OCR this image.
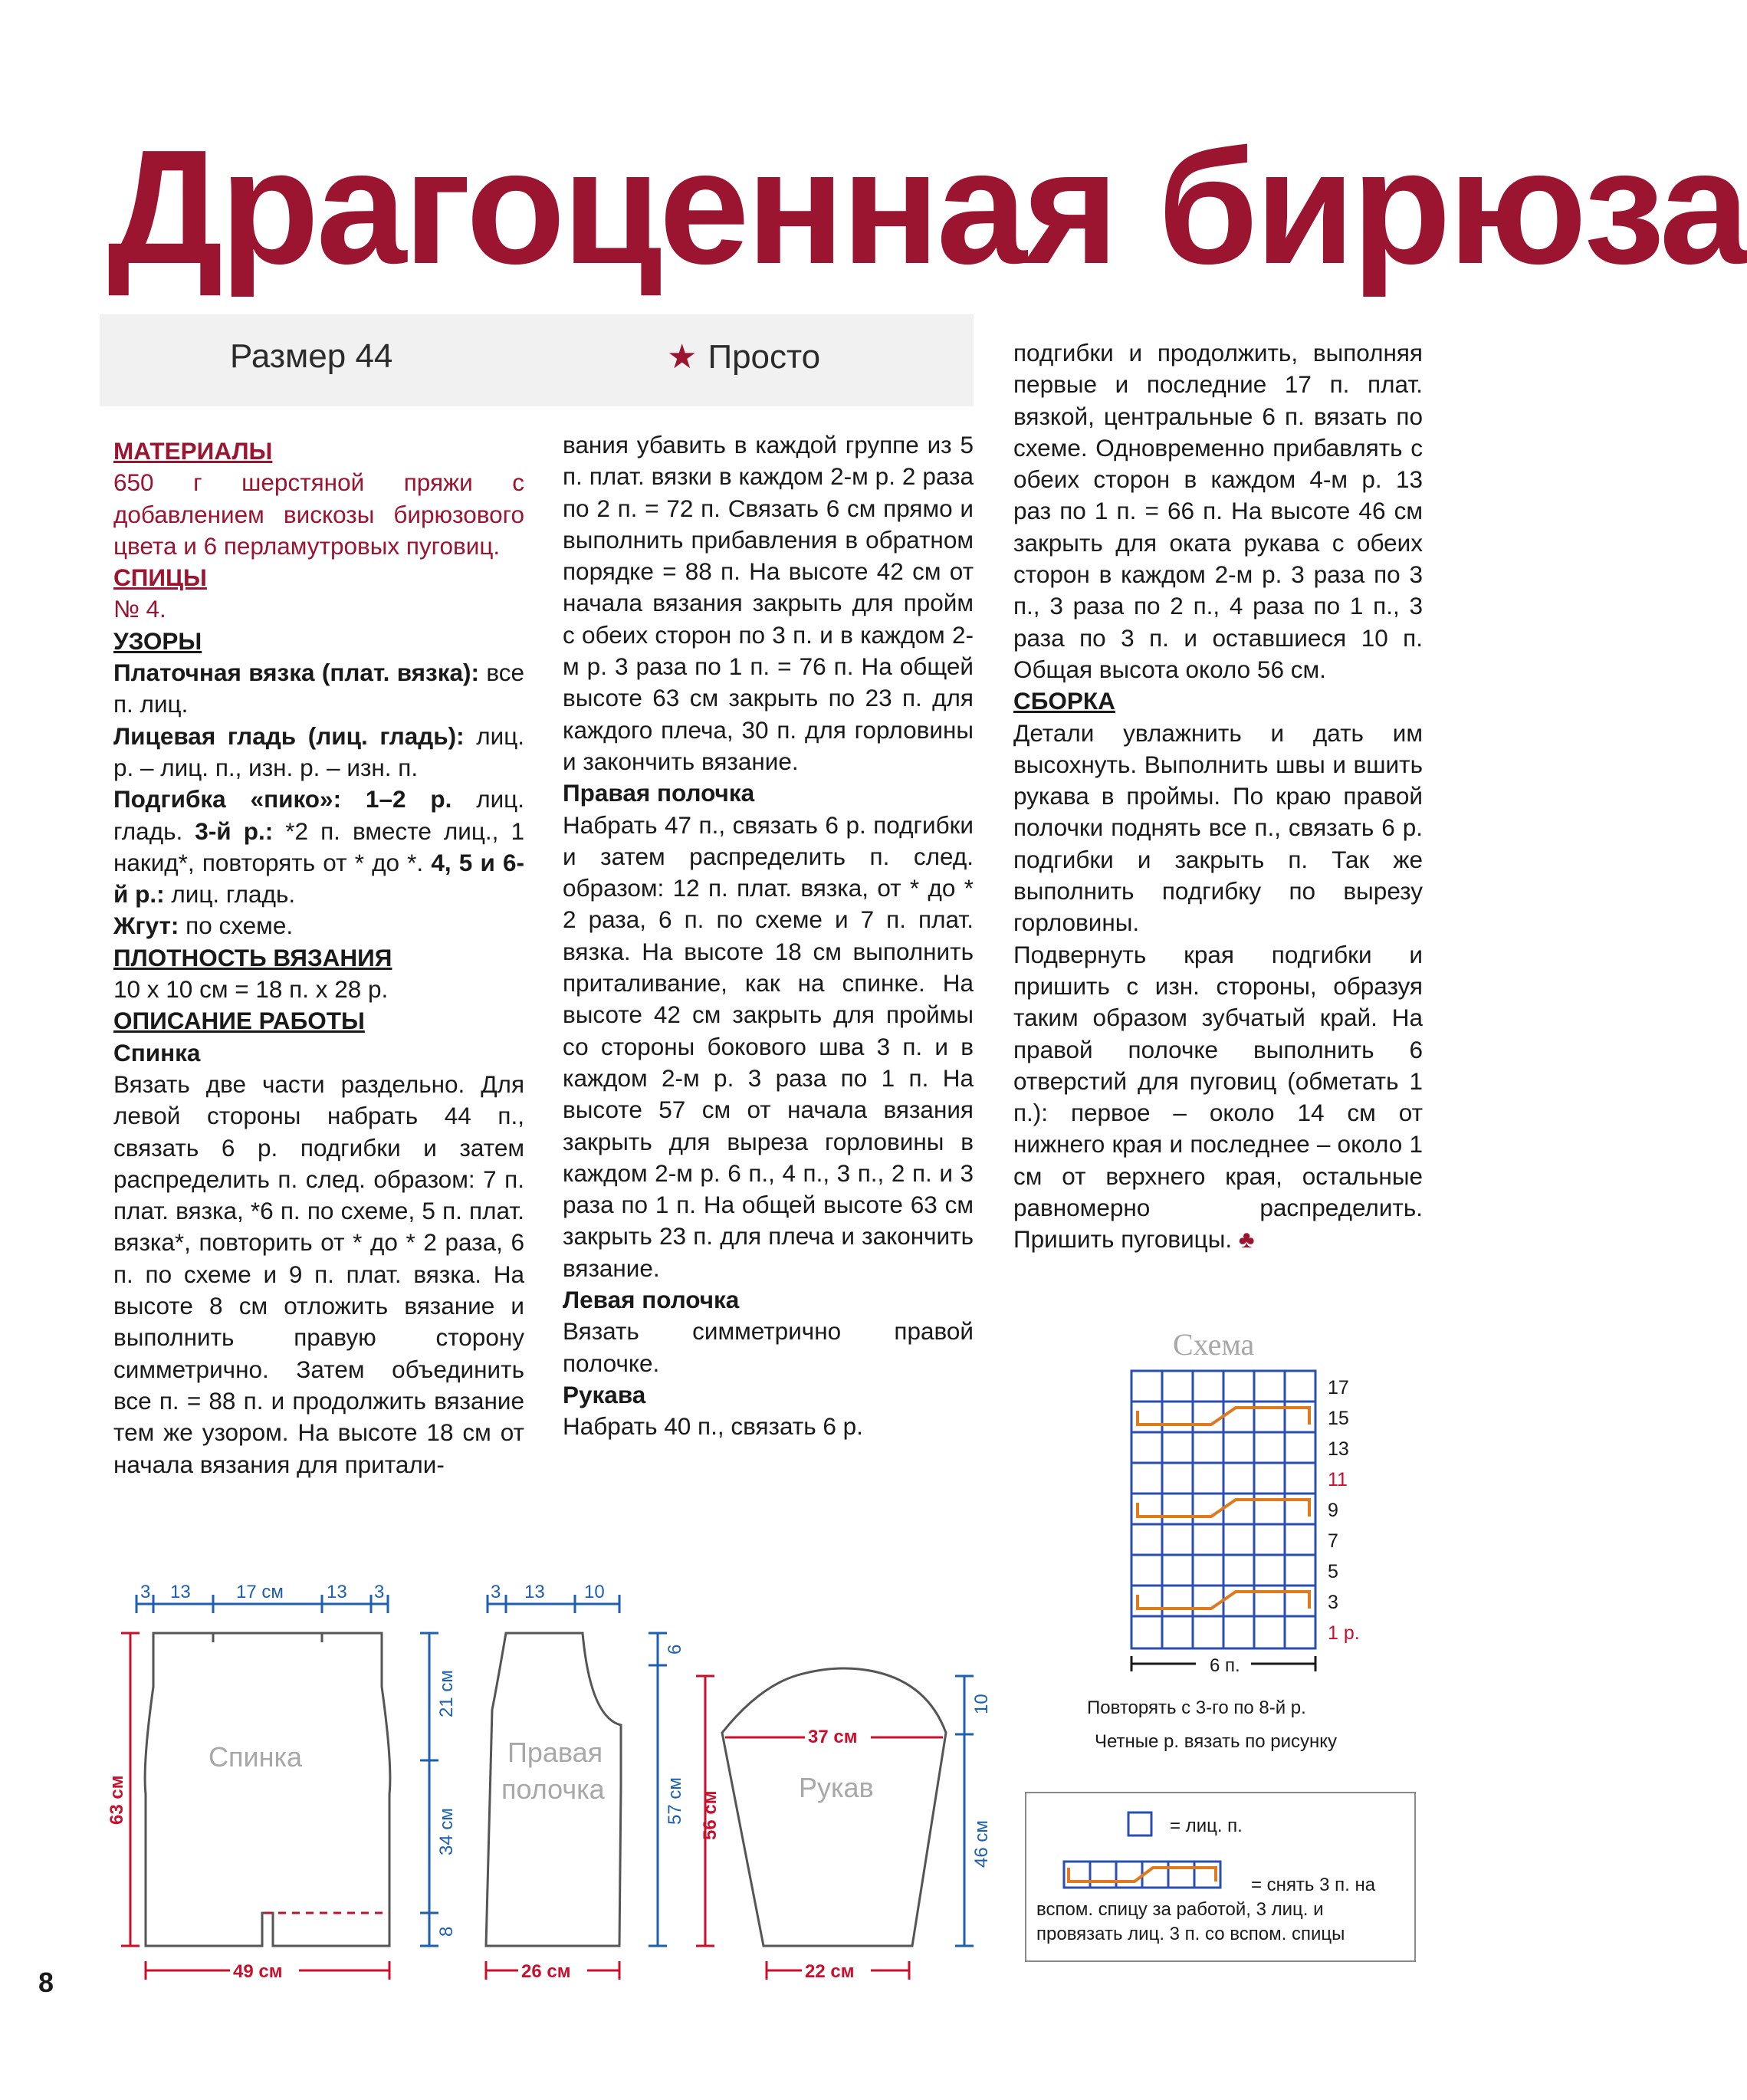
Драгоценная бирюза
Размер 44	★ Просто

МАТЕРИАЛЫ

650 г шерстяной пряжи с добавлением вискозы бирюзового цвета и 6 перламутровых пуговиц.

СПИЦЫ

№ 4.

УЗОРЫ

Платочная вязка (плат. вязка): все п. лиц.

Лицевая гладь (лиц. гладь): лиц. р. – лиц. п., изн. р. – изн. п.

Подгибка «пико»: 1–2 р. лиц. гладь. 3-й р.: *2 п. вместе лиц., 1 накид*, повторять от * до *. 4, 5 и 6-й р.: лиц. гладь.

Жгут: по схеме.

ПЛОТНОСТЬ ВЯЗАНИЯ

10 х 10 см = 18 п. х 28 р.

ОПИСАНИЕ РАБОТЫ

Спинка

Вязать две части раздельно. Для левой стороны набрать 44 п., связать 6 р. подгибки и затем распределить п. след. образом: 7 п. плат. вязка, *6 п. по схеме, 5 п. плат. вязка*, повторить от * до * 2 раза, 6 п. по схеме и 9 п. плат. вязка. На высоте 8 см отложить вязание и выполнить правую сторону симметрично. Затем объединить все п. = 88 п. и продолжить вязание тем же узором. На высоте 18 см от начала вязания для притали-

вания убавить в каждой группе из 5 п. плат. вязки в каждом 2-м р. 2 раза по 2 п. = 72 п. Связать 6 см прямо и выполнить прибавления в обратном порядке = 88 п. На высоте 42 см от начала вязания закрыть для пройм с обеих сторон по 3 п. и в каждом 2-м р. 3 раза по 1 п. = 76 п. На общей высоте 63 см закрыть по 23 п. для каждого плеча, 30 п. для горловины и закончить вязание.

Правая полочка

Набрать 47 п., связать 6 р. подгибки и затем распределить п. след. образом: 12 п. плат. вязка, от * до * 2 раза, 6 п. по схеме и 7 п. плат. вязка. На высоте 18 см выполнить приталивание, как на спинке. На высоте 42 см закрыть для проймы со стороны бокового шва 3 п. и в каждом 2-м р. 3 раза по 1 п. На высоте 57 см от начала вязания закрыть для выреза горловины в каждом 2-м р. 6 п., 4 п., 3 п., 2 п. и 3 раза по 1 п. На общей высоте 63 см закрыть 23 п. для плеча и закончить вязание.

Левая полочка

Вязать симметрично правой полочке.

Рукава

Набрать 40 п., связать 6 р.

подгибки и продолжить, выполняя первые и последние 17 п. плат. вязкой, центральные 6 п. вязать по схеме. Одновременно прибавлять с обеих сторон в каждом 4-м р. 13 раз по 1 п. = 66 п. На высоте 46 см закрыть для оката рукава с обеих сторон в каждом 2-м р. 3 раза по 3 п., 3 раза по 2 п., 4 раза по 1 п., 3 раза по 3 п. и оставшиеся 10 п. Общая высота около 56 см.

СБОРКА

Детали увлажнить и дать им высохнуть. Выполнить швы и вшить рукава в проймы. По краю правой полочки поднять все п., связать 6 р. подгибки и закрыть п. Так же выполнить подгибку по вырезу горловины.

Подвернуть края подгибки и пришить с изн. стороны, образуя таким образом зубчатый край. На правой полочке выполнить 6 отверстий для пуговиц (обметать 1 п.): первое – около 14 см от нижнего края и последнее – около 1 см от верхнего края, остальные равномерно распределить. Пришить пуговицы. ♣

Схема
Повторять с 3-го по 8-й р.
Четные р. вязать по рисунку
8
17
15
13
11
9
7
5
3
1 р.
6 п.
= лиц. п.
= снять 3 п. на
вспом. спицу за работой, 3 лиц. и
провязать лиц. 3 п. со вспом. спицы
Спинка
3 13 17 см 13 3
63 см
21 см
34 см
8
49 см
Правая
полочка
3 13 10
6
57 см
26 см
Рукав
37 см
56 см
10
46 см
22 см
